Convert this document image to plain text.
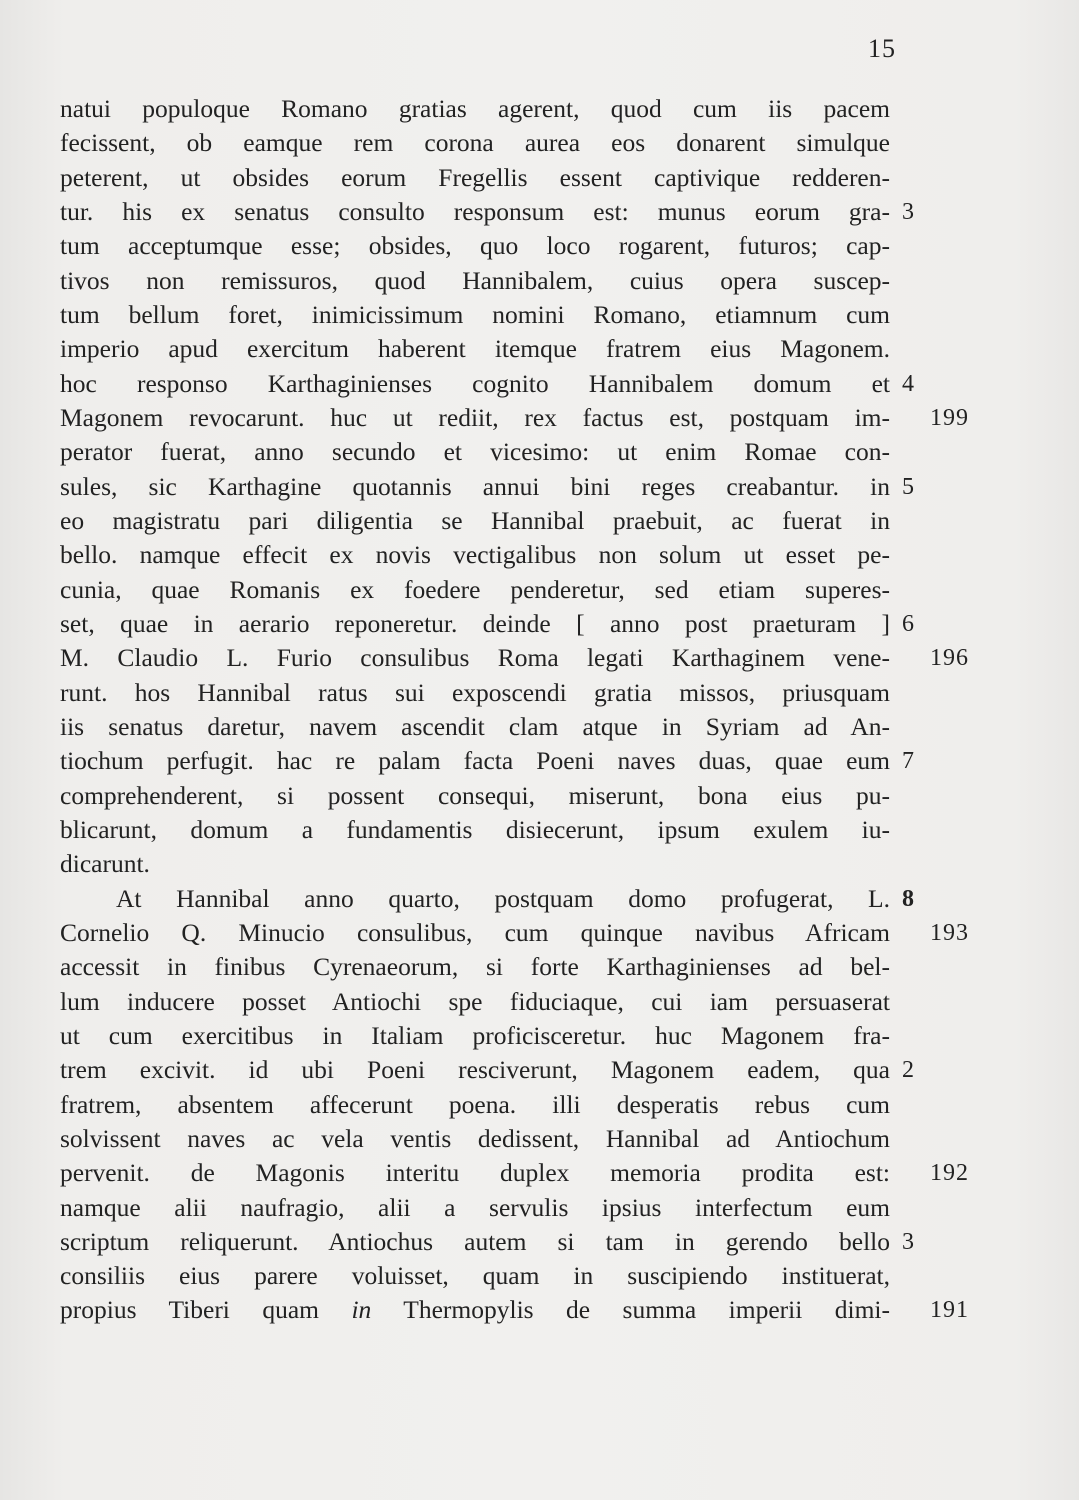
15
natui populoque Romano gratias agerent, quod cum iis pacem
fecissent, ob eamque rem corona aurea eos donarent simulque
peterent, ut obsides eorum Fregellis essent captivique redderen-
tur. his ex senatus consulto responsum est: munus eorum gra- 3
tum acceptumque esse; obsides, quo loco rogarent, futuros; cap-
tivos non remissuros, quod Hannibalem, cuius opera suscep-
tum bellum foret, inimicissimum nomini Romano, etiamnum cum
imperio apud exercitum haberent itemque fratrem eius Magonem.
hoc responso Karthaginienses cognito Hannibalem domum et 4
Magonem revocarunt. huc ut rediit, rex factus est, postquam im- 199
perator fuerat, anno secundo et vicesimo: ut enim Romae con-
sules, sic Karthagine quotannis annui bini reges creabantur. in 5
eo magistratu pari diligentia se Hannibal praebuit, ac fuerat in
bello. namque effecit ex novis vectigalibus non solum ut esset pe-
cunia, quae Romanis ex foedere penderetur, sed etiam superes-
set, quae in aerario reponeretur. deinde [ anno post praeturam ] 6
M. Claudio L. Furio consulibus Roma legati Karthaginem vene- 196
runt. hos Hannibal ratus sui exposcendi gratia missos, priusquam
iis senatus daretur, navem ascendit clam atque in Syriam ad An-
tiochum perfugit. hac re palam facta Poeni naves duas, quae eum 7
comprehenderent, si possent consequi, miserunt, bona eius pu-
blicarunt, domum a fundamentis disiecerunt, ipsum exulem iu-
dicarunt.
At Hannibal anno quarto, postquam domo profugerat, L. 8
Cornelio Q. Minucio consulibus, cum quinque navibus Africam 193
accessit in finibus Cyrenaeorum, si forte Karthaginienses ad bel-
lum inducere posset Antiochi spe fiduciaque, cui iam persuaserat
ut cum exercitibus in Italiam proficisceretur. huc Magonem fra-
trem excivit. id ubi Poeni resciverunt, Magonem eadem, qua 2
fratrem, absentem affecerunt poena. illi desperatis rebus cum
solvissent naves ac vela ventis dedissent, Hannibal ad Antiochum
pervenit. de Magonis interitu duplex memoria prodita est: 192
namque alii naufragio, alii a servulis ipsius interfectum eum
scriptum reliquerunt. Antiochus autem si tam in gerendo bello 3
consiliis eius parere voluisset, quam in suscipiendo instituerat,
propius Tiberi quam in Thermopylis de summa imperii dimi- 191
